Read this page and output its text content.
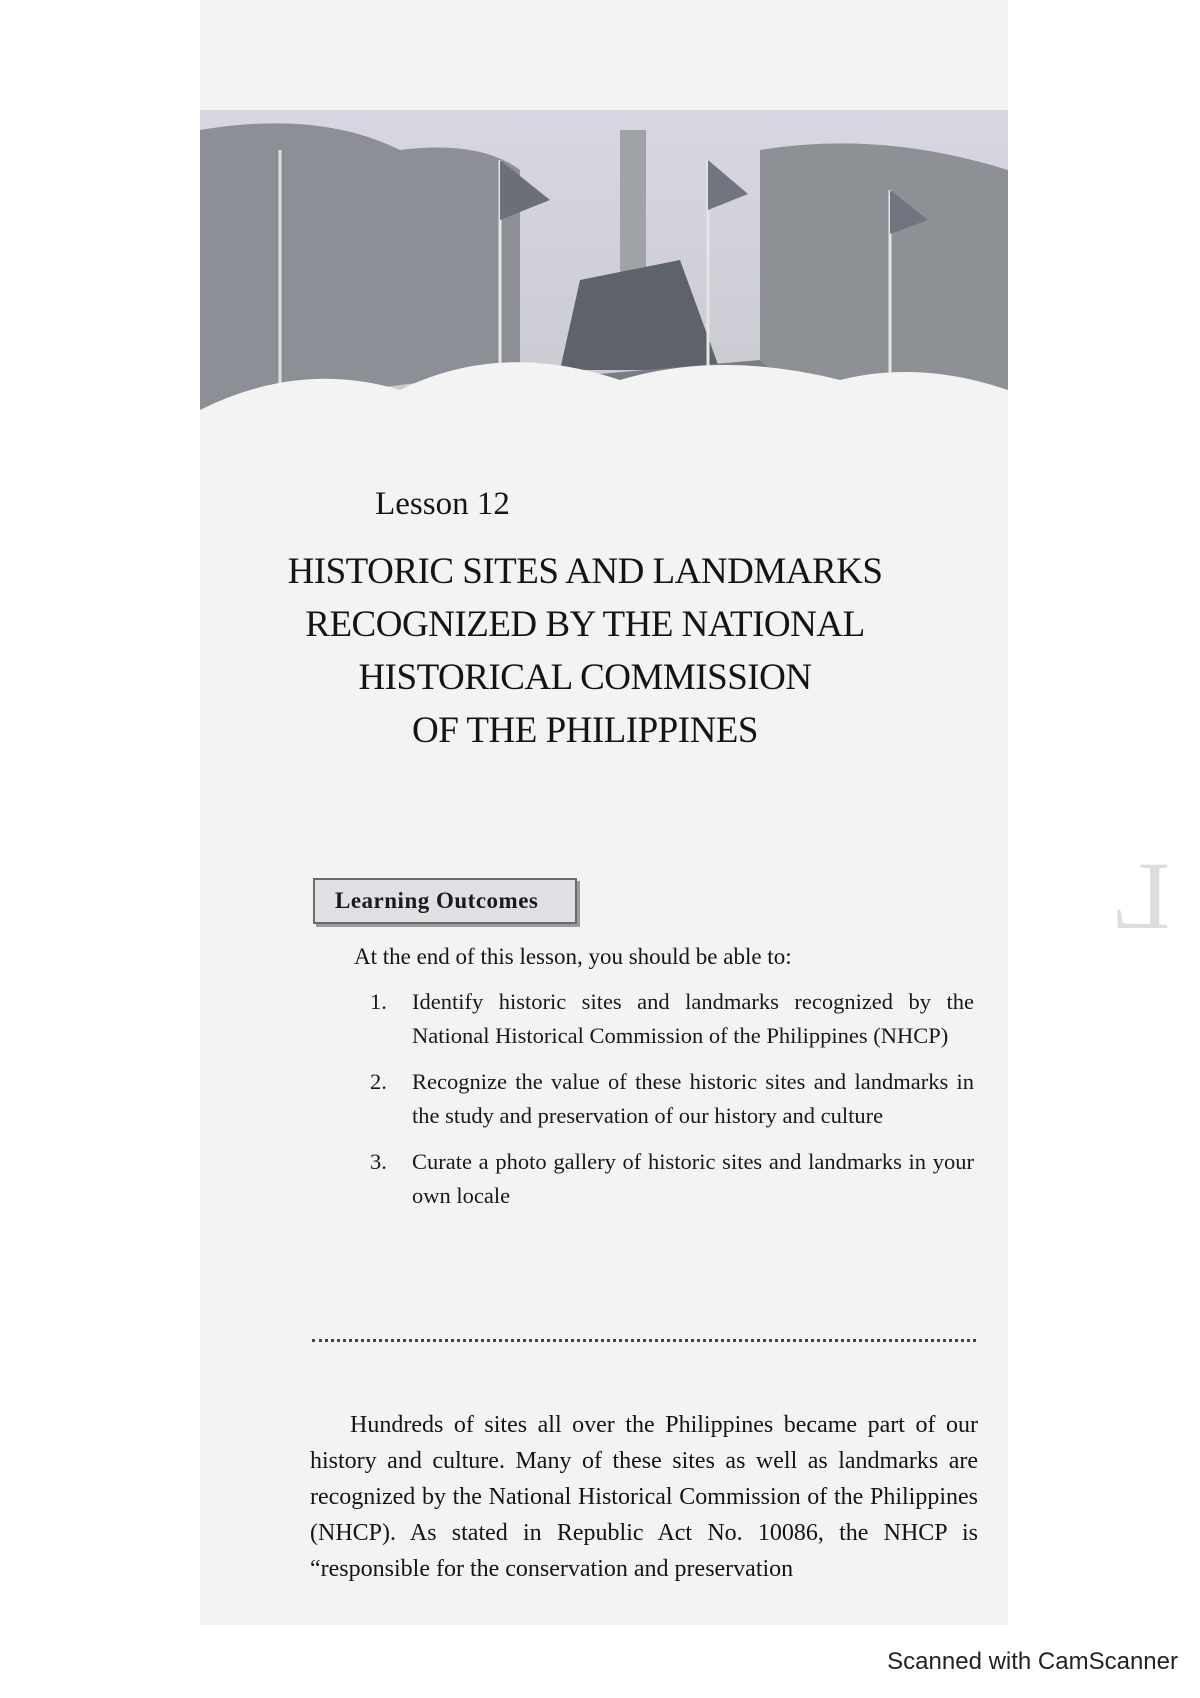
L
Lesson 12
HISTORIC SITES AND LANDMARKS
RECOGNIZED BY THE NATIONAL
HISTORICAL COMMISSION
OF THE PHILIPPINES
Learning Outcomes
At the end of this lesson, you should be able to:
1.	Identify historic sites and landmarks recognized by the National Historical Commission of the Philippines (NHCP)
2.	Recognize the value of these historic sites and landmarks in the study and preservation of our history and culture
3.	Curate a photo gallery of historic sites and landmarks in your own locale

Hundreds of sites all over the Philippines became part of our history and culture. Many of these sites as well as landmarks are recognized by the National Historical Commission of the Philippines (NHCP). As stated in Republic Act No. 10086, the NHCP is “responsible for the conservation and preservation

Scanned with CamScanner
